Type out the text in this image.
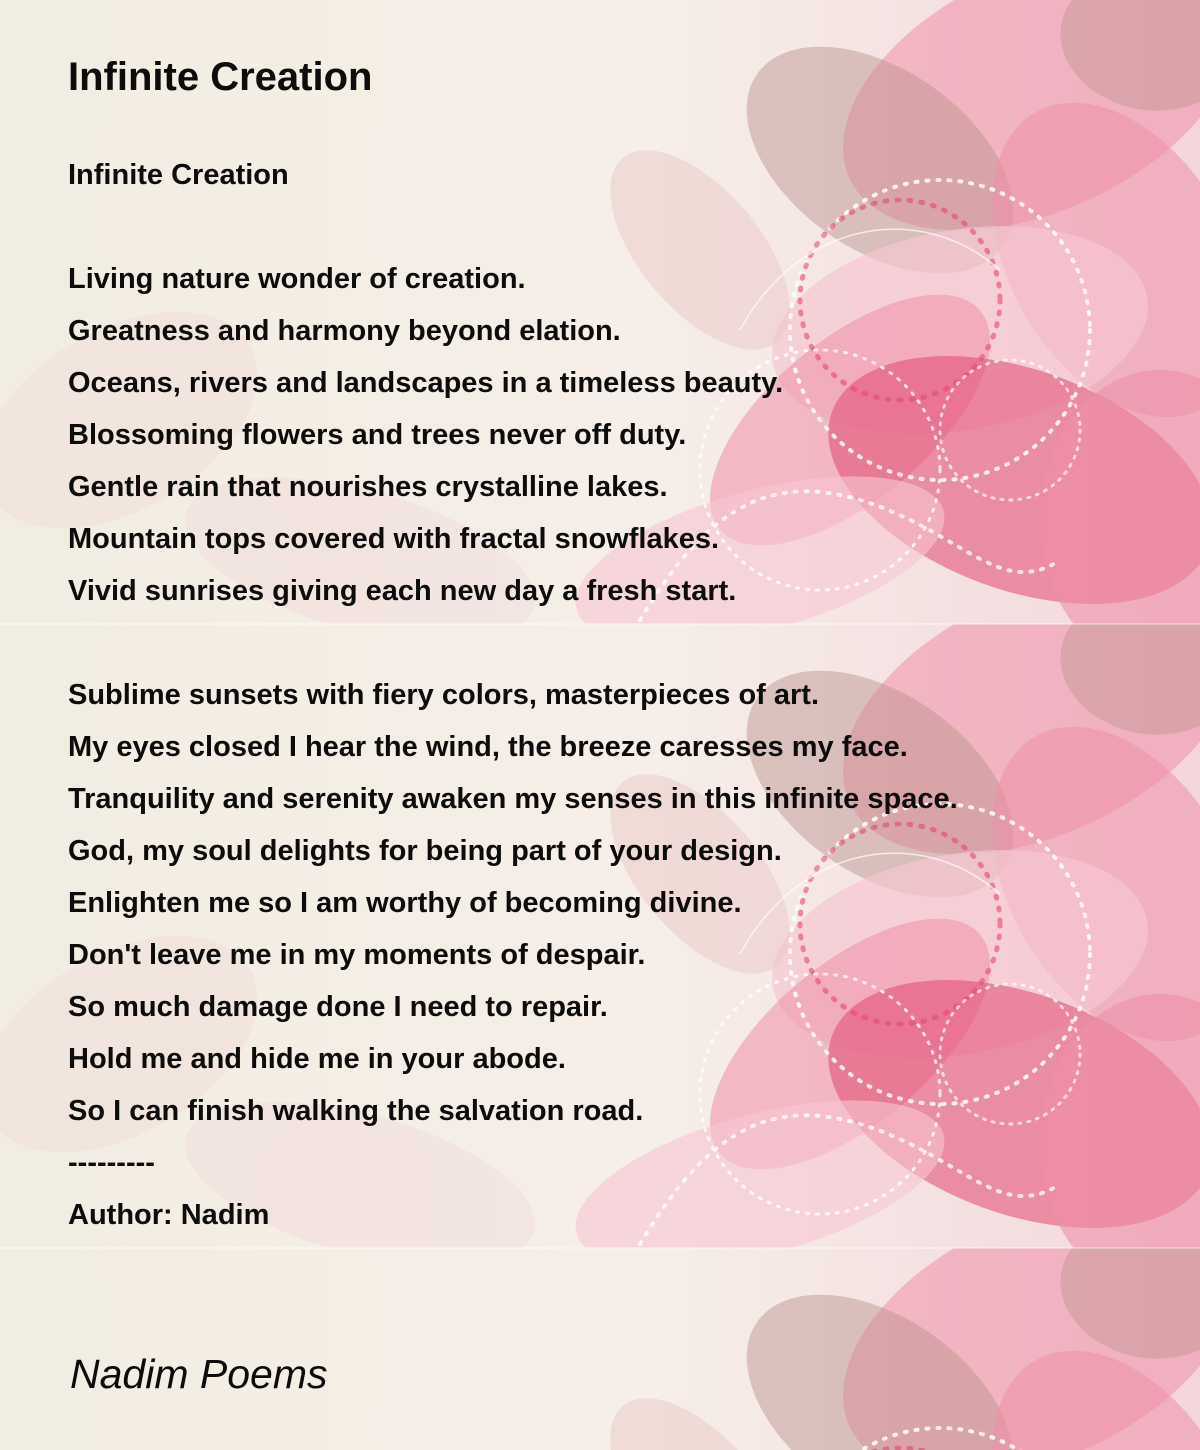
Infinite Creation
Infinite Creation
Living nature wonder of creation.
Greatness and harmony beyond elation.
Oceans, rivers and landscapes in a timeless beauty.
Blossoming flowers and trees never off duty.
Gentle rain that nourishes crystalline lakes.
Mountain tops covered with fractal snowflakes.
Vivid sunrises giving each new day a fresh start.
Sublime sunsets with fiery colors, masterpieces of art.
My eyes closed I hear the wind, the breeze caresses my face.
Tranquility and serenity awaken my senses in this infinite space.
God, my soul delights for being part of your design.
Enlighten me so I am worthy of becoming divine.
Don't leave me in my moments of despair.
So much damage done I need to repair.
Hold me and hide me in your abode.
So I can finish walking the salvation road.
---------
Author: Nadim
Nadim Poems
